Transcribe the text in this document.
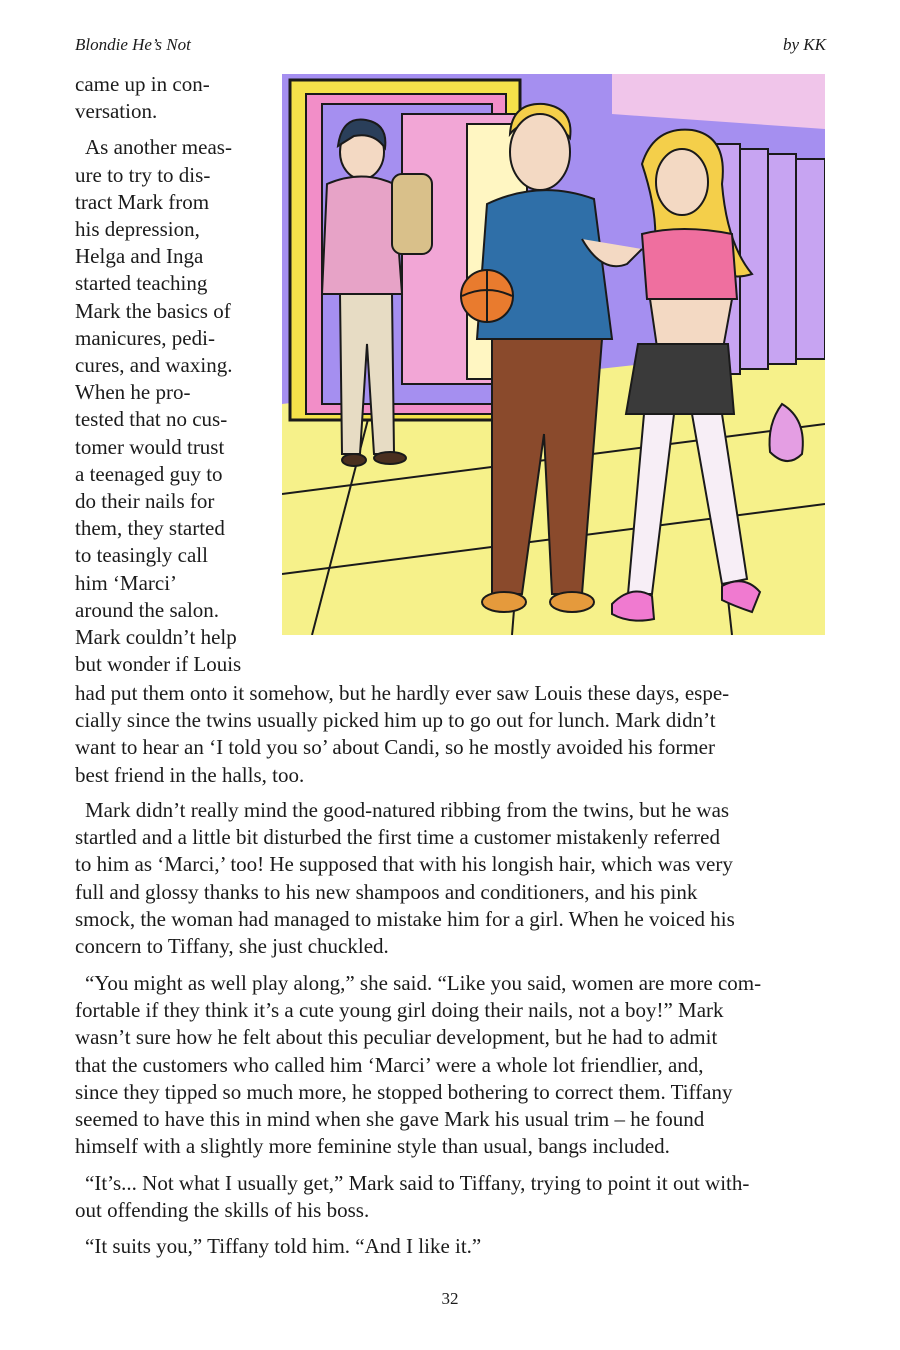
Blondie He’s Not	by KK
came up in con-
versation.
As another meas-
ure to try to dis-
tract Mark from
his depression,
Helga and Inga
started teaching
Mark the basics of
manicures, pedi-
cures, and waxing.
When he pro-
tested that no cus-
tomer would trust
a teenaged guy to
do their nails for
them, they started
to teasingly call
him ‘Marci’
around the salon.
Mark couldn’t help
but wonder if Louis
had put them onto it somehow, but he hardly ever saw Louis these days, espe-
cially since the twins usually picked him up to go out for lunch. Mark didn’t
want to hear an ‘I told you so’ about Candi, so he mostly avoided his former
best friend in the halls, too.
Mark didn’t really mind the good-natured ribbing from the twins, but he was
startled and a little bit disturbed the first time a customer mistakenly referred
to him as ‘Marci,’ too! He supposed that with his longish hair, which was very
full and glossy thanks to his new shampoos and conditioners, and his pink
smock, the woman had managed to mistake him for a girl. When he voiced his
concern to Tiffany, she just chuckled.
“You might as well play along,” she said. “Like you said, women are more com-
fortable if they think it’s a cute young girl doing their nails, not a boy!” Mark
wasn’t sure how he felt about this peculiar development, but he had to admit
that the customers who called him ‘Marci’ were a whole lot friendlier, and,
since they tipped so much more, he stopped bothering to correct them. Tiffany
seemed to have this in mind when she gave Mark his usual trim – he found
himself with a slightly more feminine style than usual, bangs included.
“It’s... Not what I usually get,” Mark said to Tiffany, trying to point it out with-
out offending the skills of his boss.
“It suits you,” Tiffany told him. “And I like it.”
32
